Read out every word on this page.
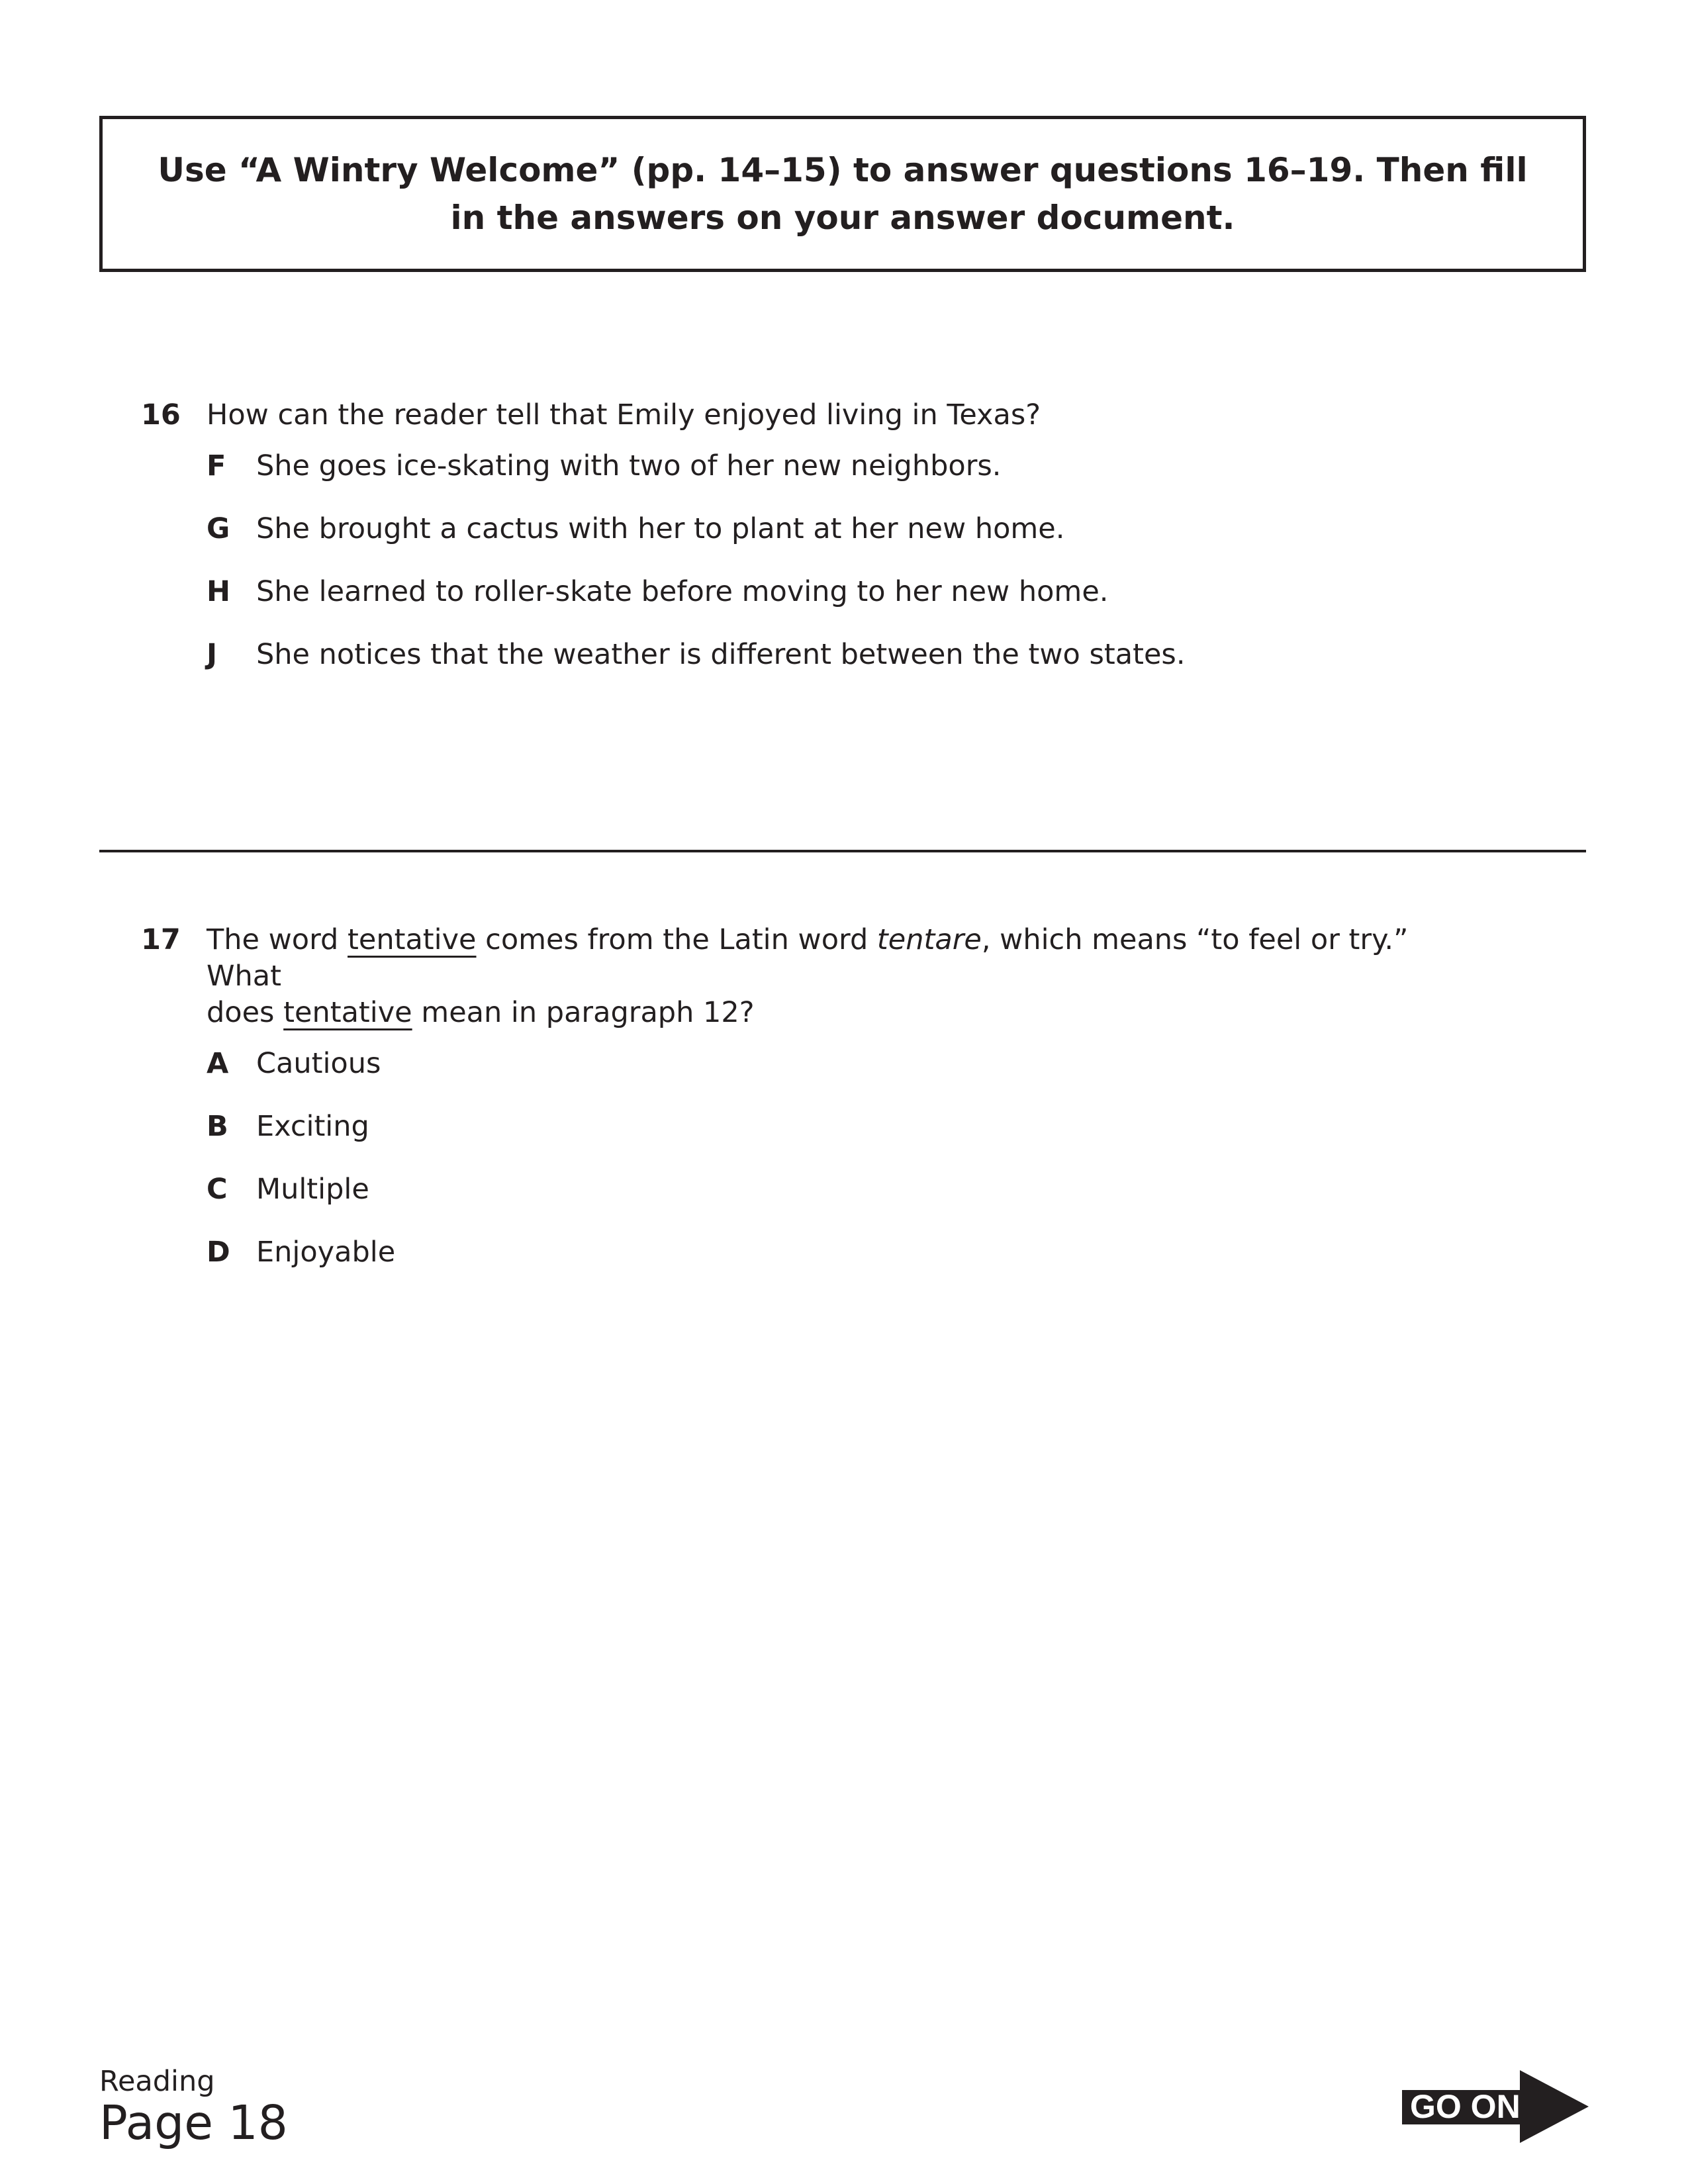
Use “A Wintry Welcome” (pp. 14–15) to answer questions 16–19. Then fill
in the answers on your answer document.
16 How can the reader tell that Emily enjoyed living in Texas?
F She goes ice-skating with two of her new neighbors.
G She brought a cactus with her to plant at her new home.
H She learned to roller-skate before moving to her new home.
J She notices that the weather is different between the two states.
17 The word tentative comes from the Latin word tentare, which means “to feel or try.” What
does tentative mean in paragraph 12?
A Cautious
B Exciting
C Multiple
D Enjoyable
Reading
Page 18	GO ON
